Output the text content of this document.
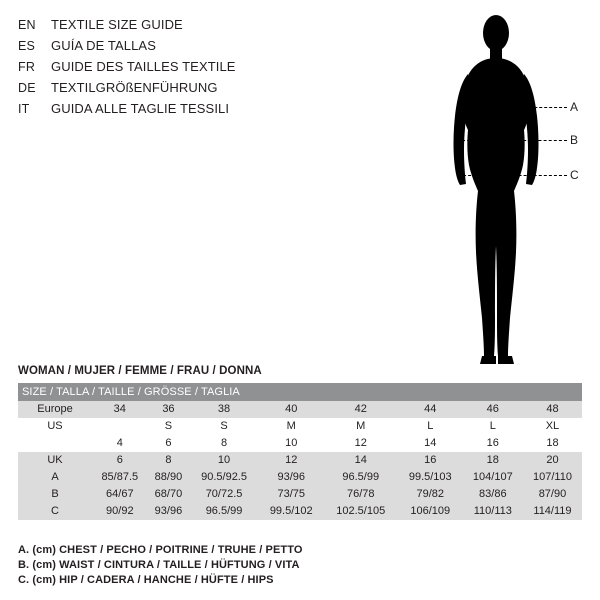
EN	TEXTILE SIZE GUIDE
ES	GUÍA DE TALLAS
FR	GUIDE DES TAILLES TEXTILE
DE	TEXTILGRÖßENFÜHRUNG
IT	GUIDA ALLE TAGLIE TESSILI	A
B
C
WOMAN / MUJER / FEMME / FRAU / DONNA
SIZE / TALLA / TAILLE / GRÖSSE / TAGLIA								
Europe	34	36	38	40	42	44	46	48
US		S	S	M	M	L	L	XL
	4	6	8	10	12	14	16	18
UK	6	8	10	12	14	16	18	20
A	85/87.5	88/90	90.5/92.5	93/96	96.5/99	99.5/103	104/107	107/110
B	64/67	68/70	70/72.5	73/75	76/78	79/82	83/86	87/90
C	90/92	93/96	96.5/99	99.5/102	102.5/105	106/109	110/113	114/119
A. (cm) CHEST / PECHO / POITRINE / TRUHE / PETTO
B. (cm) WAIST / CINTURA / TAILLE / HÜFTUNG / VITA
C. (cm) HIP / CADERA / HANCHE / HÜFTE / HIPS
